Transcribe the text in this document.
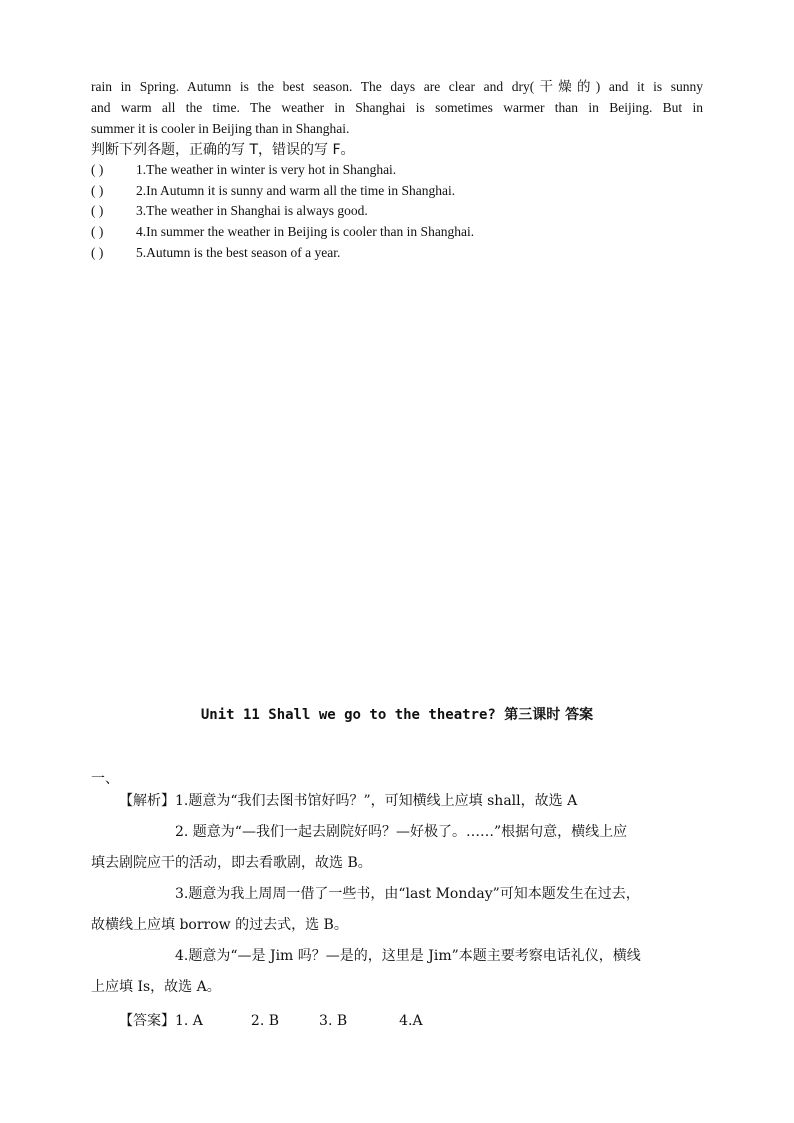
rain in Spring. Autumn is the best season. The days are clear and dry(干燥的) and it is sunny
and warm all the time. The weather in Shanghai is sometimes warmer than in Beijing. But in
summer it is cooler in Beijing than in Shanghai.
判断下列各题，正确的写 T，错误的写 F。
( )	1.The weather in winter is very hot in Shanghai.
( )	2.In Autumn it is sunny and warm all the time in Shanghai.
( )	3.The weather in Shanghai is always good.
( )	4.In summer the weather in Beijing is cooler than in Shanghai.
( )	5.Autumn is the best season of a year.
Unit 11 Shall we go to the theatre? 第三课时 答案
一、
【解析】1.题意为“我们去图书馆好吗？”，可知横线上应填 shall，故选 A
2. 题意为“—我们一起去剧院好吗？—好极了。……”根据句意，横线上应
填去剧院应干的活动，即去看歌剧，故选 B。
3.题意为我上周周一借了一些书，由“last Monday”可知本题发生在过去，
故横线上应填 borrow 的过去式，选 B。
4.题意为“—是 Jim 吗？—是的，这里是 Jim”本题主要考察电话礼仪，横线
上应填 Is，故选 A。
【答案】1. A	2. B	3. B	4.A
